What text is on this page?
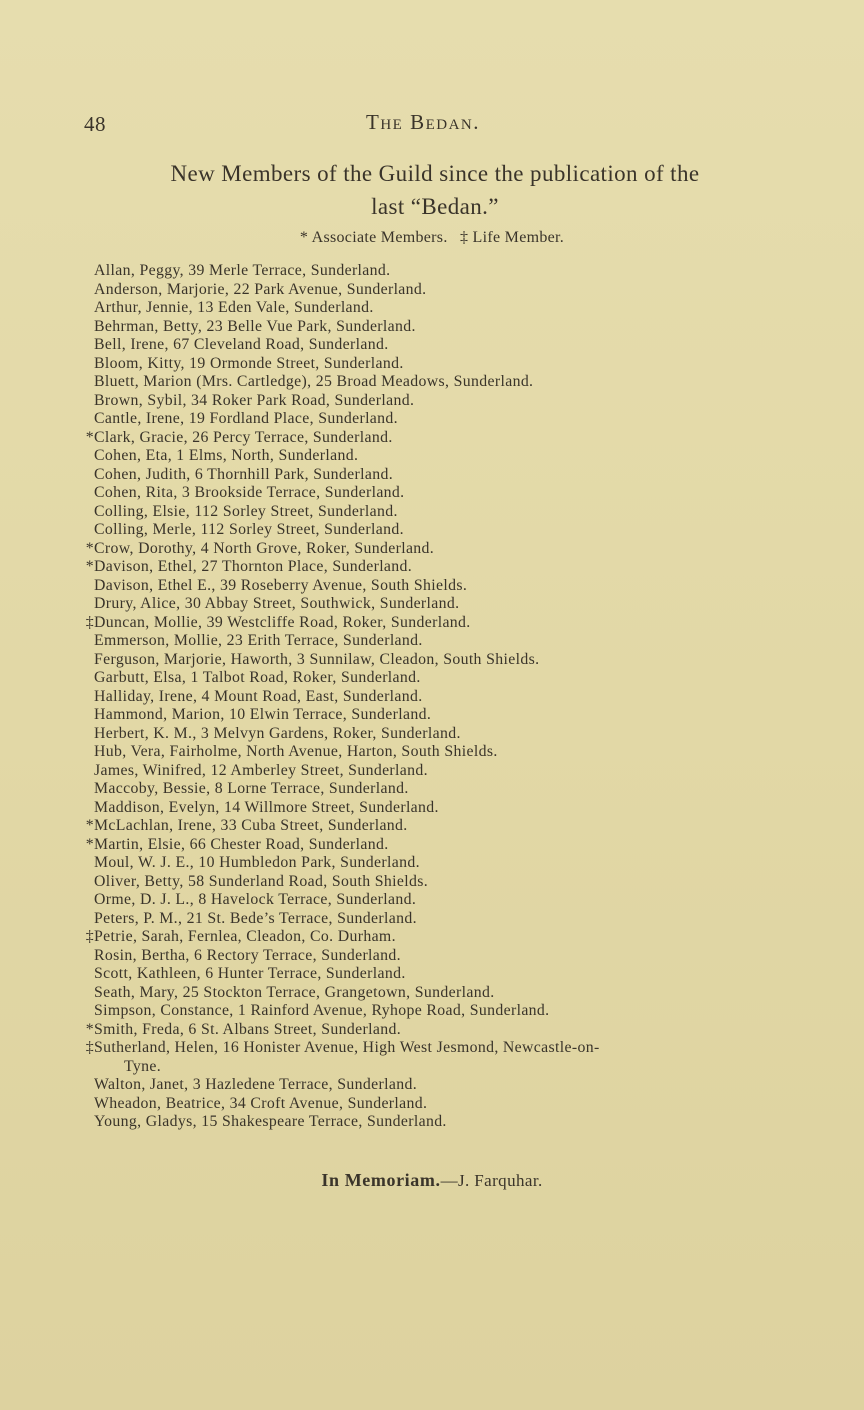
48	The Bedan.
New Members of the Guild since the publication of the
last “Bedan.”
* Associate Members. ‡ Life Member.
Allan, Peggy, 39 Merle Terrace, Sunderland.
Anderson, Marjorie, 22 Park Avenue, Sunderland.
Arthur, Jennie, 13 Eden Vale, Sunderland.
Behrman, Betty, 23 Belle Vue Park, Sunderland.
Bell, Irene, 67 Cleveland Road, Sunderland.
Bloom, Kitty, 19 Ormonde Street, Sunderland.
Bluett, Marion (Mrs. Cartledge), 25 Broad Meadows, Sunderland.
Brown, Sybil, 34 Roker Park Road, Sunderland.
Cantle, Irene, 19 Fordland Place, Sunderland.
*Clark, Gracie, 26 Percy Terrace, Sunderland.
Cohen, Eta, 1 Elms, North, Sunderland.
Cohen, Judith, 6 Thornhill Park, Sunderland.
Cohen, Rita, 3 Brookside Terrace, Sunderland.
Colling, Elsie, 112 Sorley Street, Sunderland.
Colling, Merle, 112 Sorley Street, Sunderland.
*Crow, Dorothy, 4 North Grove, Roker, Sunderland.
*Davison, Ethel, 27 Thornton Place, Sunderland.
Davison, Ethel E., 39 Roseberry Avenue, South Shields.
Drury, Alice, 30 Abbay Street, Southwick, Sunderland.
‡Duncan, Mollie, 39 Westcliffe Road, Roker, Sunderland.
Emmerson, Mollie, 23 Erith Terrace, Sunderland.
Ferguson, Marjorie, Haworth, 3 Sunnilaw, Cleadon, South Shields.
Garbutt, Elsa, 1 Talbot Road, Roker, Sunderland.
Halliday, Irene, 4 Mount Road, East, Sunderland.
Hammond, Marion, 10 Elwin Terrace, Sunderland.
Herbert, K. M., 3 Melvyn Gardens, Roker, Sunderland.
Hub, Vera, Fairholme, North Avenue, Harton, South Shields.
James, Winifred, 12 Amberley Street, Sunderland.
Maccoby, Bessie, 8 Lorne Terrace, Sunderland.
Maddison, Evelyn, 14 Willmore Street, Sunderland.
*McLachlan, Irene, 33 Cuba Street, Sunderland.
*Martin, Elsie, 66 Chester Road, Sunderland.
Moul, W. J. E., 10 Humbledon Park, Sunderland.
Oliver, Betty, 58 Sunderland Road, South Shields.
Orme, D. J. L., 8 Havelock Terrace, Sunderland.
Peters, P. M., 21 St. Bede’s Terrace, Sunderland.
‡Petrie, Sarah, Fernlea, Cleadon, Co. Durham.
Rosin, Bertha, 6 Rectory Terrace, Sunderland.
Scott, Kathleen, 6 Hunter Terrace, Sunderland.
Seath, Mary, 25 Stockton Terrace, Grangetown, Sunderland.
Simpson, Constance, 1 Rainford Avenue, Ryhope Road, Sunderland.
*Smith, Freda, 6 St. Albans Street, Sunderland.
‡Sutherland, Helen, 16 Honister Avenue, High West Jesmond, Newcastle-on-
Tyne.
Walton, Janet, 3 Hazledene Terrace, Sunderland.
Wheadon, Beatrice, 34 Croft Avenue, Sunderland.
Young, Gladys, 15 Shakespeare Terrace, Sunderland.
In Memoriam.—J. Farquhar.
